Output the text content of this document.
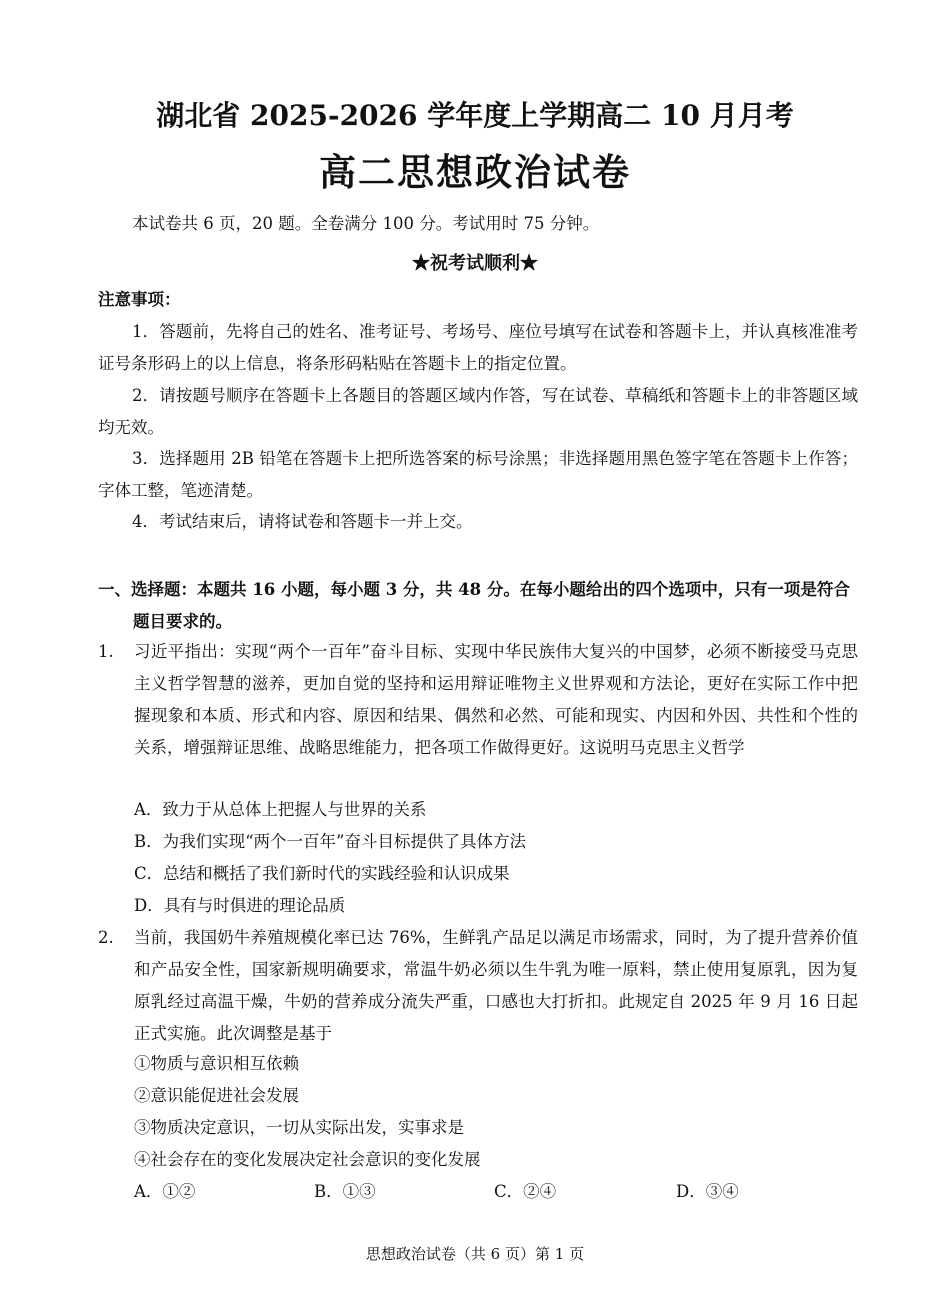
湖北省 2025-2026 学年度上学期高二 10 月月考
高二思想政治试卷
本试卷共 6 页，20 题。全卷满分 100 分。考试用时 75 分钟。
★祝考试顺利★
注意事项：
1．答题前，先将自己的姓名、准考证号、考场号、座位号填写在试卷和答题卡上，并认真核准准考证号条形码上的以上信息，将条形码粘贴在答题卡上的指定位置。
2．请按题号顺序在答题卡上各题目的答题区域内作答，写在试卷、草稿纸和答题卡上的非答题区域均无效。
3．选择题用 2B 铅笔在答题卡上把所选答案的标号涂黑；非选择题用黑色签字笔在答题卡上作答；字体工整，笔迹清楚。
4．考试结束后，请将试卷和答题卡一并上交。
一、选择题：本题共 16 小题，每小题 3 分，共 48 分。在每小题给出的四个选项中，只有一项是符合题目要求的。
1. 习近平指出：实现“两个一百年”奋斗目标、实现中华民族伟大复兴的中国梦，必须不断接受马克思主义哲学智慧的滋养，更加自觉的坚持和运用辩证唯物主义世界观和方法论，更好在实际工作中把握现象和本质、形式和内容、原因和结果、偶然和必然、可能和现实、内因和外因、共性和个性的关系，增强辩证思维、战略思维能力，把各项工作做得更好。这说明马克思主义哲学
A．致力于从总体上把握人与世界的关系
B．为我们实现“两个一百年”奋斗目标提供了具体方法
C．总结和概括了我们新时代的实践经验和认识成果
D．具有与时俱进的理论品质
2. 当前，我国奶牛养殖规模化率已达 76%，生鲜乳产品足以满足市场需求，同时，为了提升营养价值和产品安全性，国家新规明确要求，常温牛奶必须以生牛乳为唯一原料，禁止使用复原乳，因为复原乳经过高温干燥，牛奶的营养成分流失严重，口感也大打折扣。此规定自 2025 年 9 月 16 日起正式实施。此次调整是基于
①物质与意识相互依赖
②意识能促进社会发展
③物质决定意识，一切从实际出发，实事求是
④社会存在的变化发展决定社会意识的变化发展
A．①②	B．①③	C．②④	D．③④
思想政治试卷（共 6 页）第 1 页
